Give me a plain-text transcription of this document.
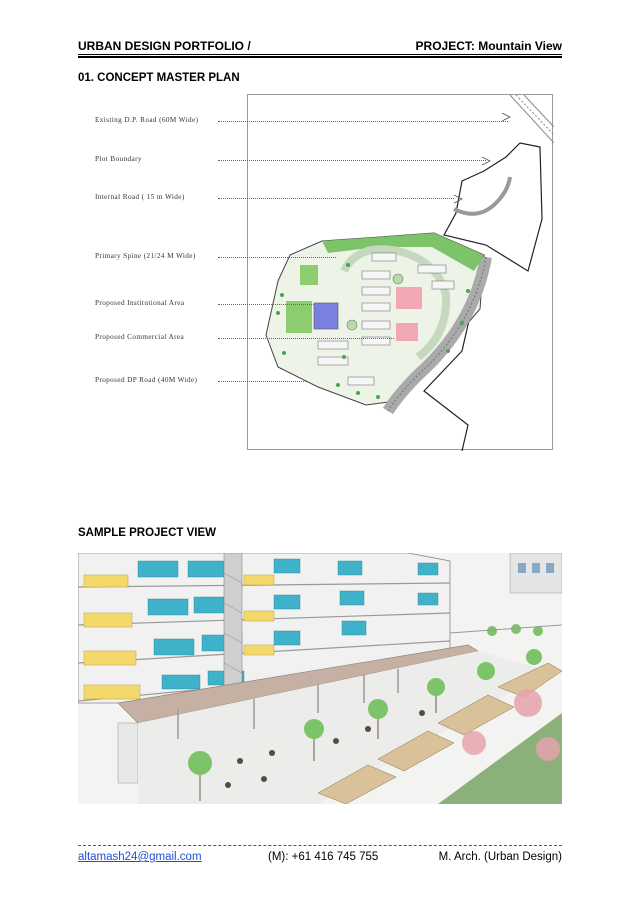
URBAN DESIGN PORTFOLIO /	PROJECT: Mountain View
01. CONCEPT MASTER PLAN
Existing D.P. Road (60M Wide)
Plot Boundary
Internal Road ( 15 m Wide)
Primary Spine (21/24 M Wide)
Proposed Institutional Area
Proposed Commercial Area
Proposed DP Road (40M Wide)
SAMPLE PROJECT VIEW
altamash24@gmail.com	(M): +61 416 745 755	M. Arch. (Urban Design)
